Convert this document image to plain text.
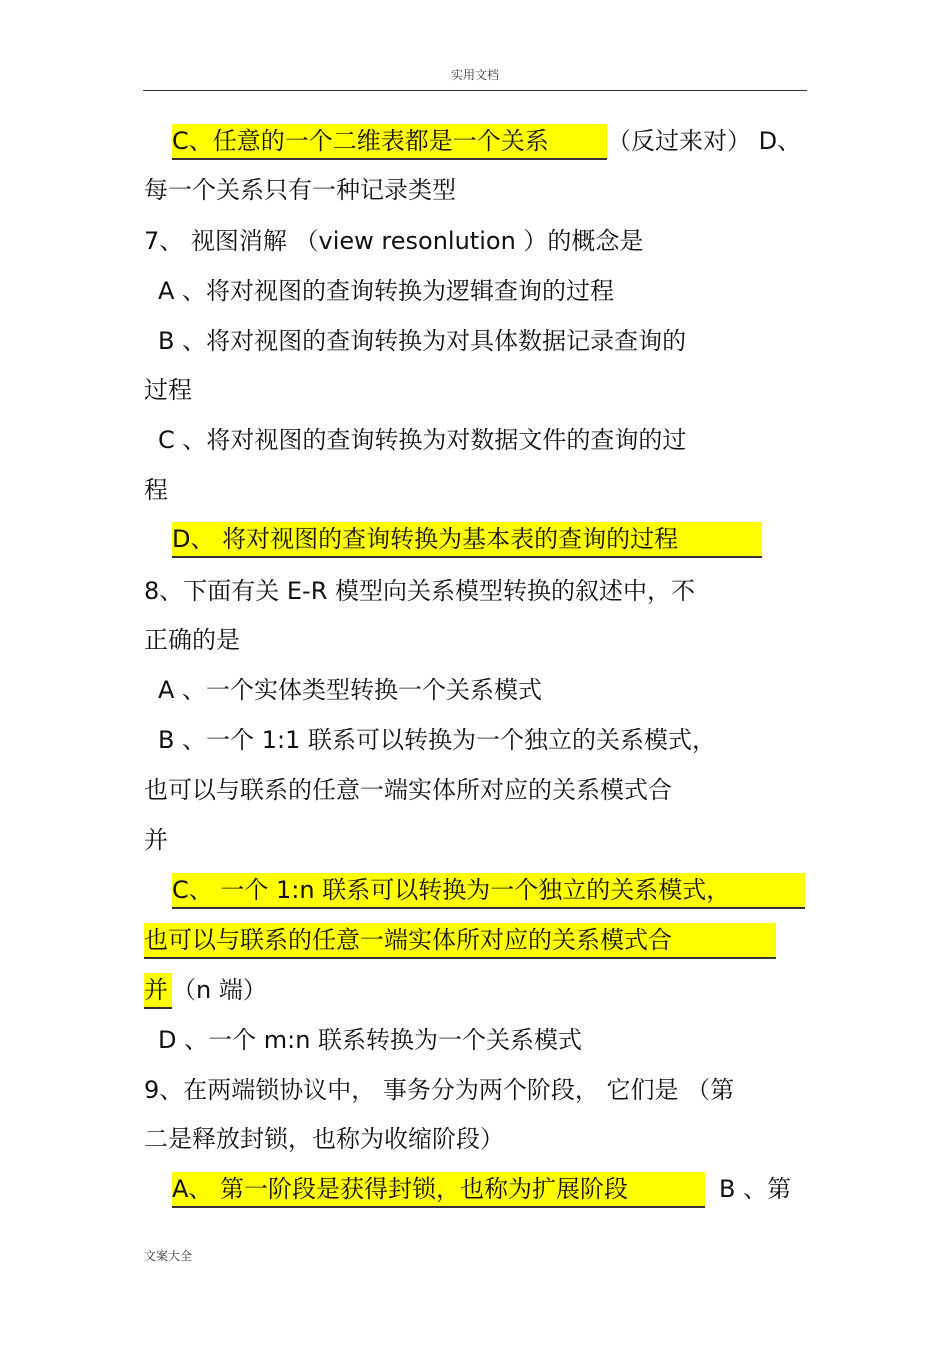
实用文档
C、任意的一个二维表都是一个关系 （反过来对） D、
每一个关系只有一种记录类型
7、 视图消解 （view resonlution ）的概念是
A 、将对视图的查询转换为逻辑查询的过程
B 、将对视图的查询转换为对具体数据记录查询的
过程
C 、将对视图的查询转换为对数据文件的查询的过
程
D、 将对视图的查询转换为基本表的查询的过程
8、下面有关 E-R 模型向关系模型转换的叙述中，不
正确的是
A 、一个实体类型转换一个关系模式
B 、一个 1:1 联系可以转换为一个独立的关系模式，
也可以与联系的任意一端实体所对应的关系模式合
并
C、 一个 1:n 联系可以转换为一个独立的关系模式，
也可以与联系的任意一端实体所对应的关系模式合
并 （n 端）
D 、一个 m:n 联系转换为一个关系模式
9、在两端锁协议中， 事务分为两个阶段， 它们是 （第
二是释放封锁，也称为收缩阶段）
A、 第一阶段是获得封锁，也称为扩展阶段	B 、第
文案大全
